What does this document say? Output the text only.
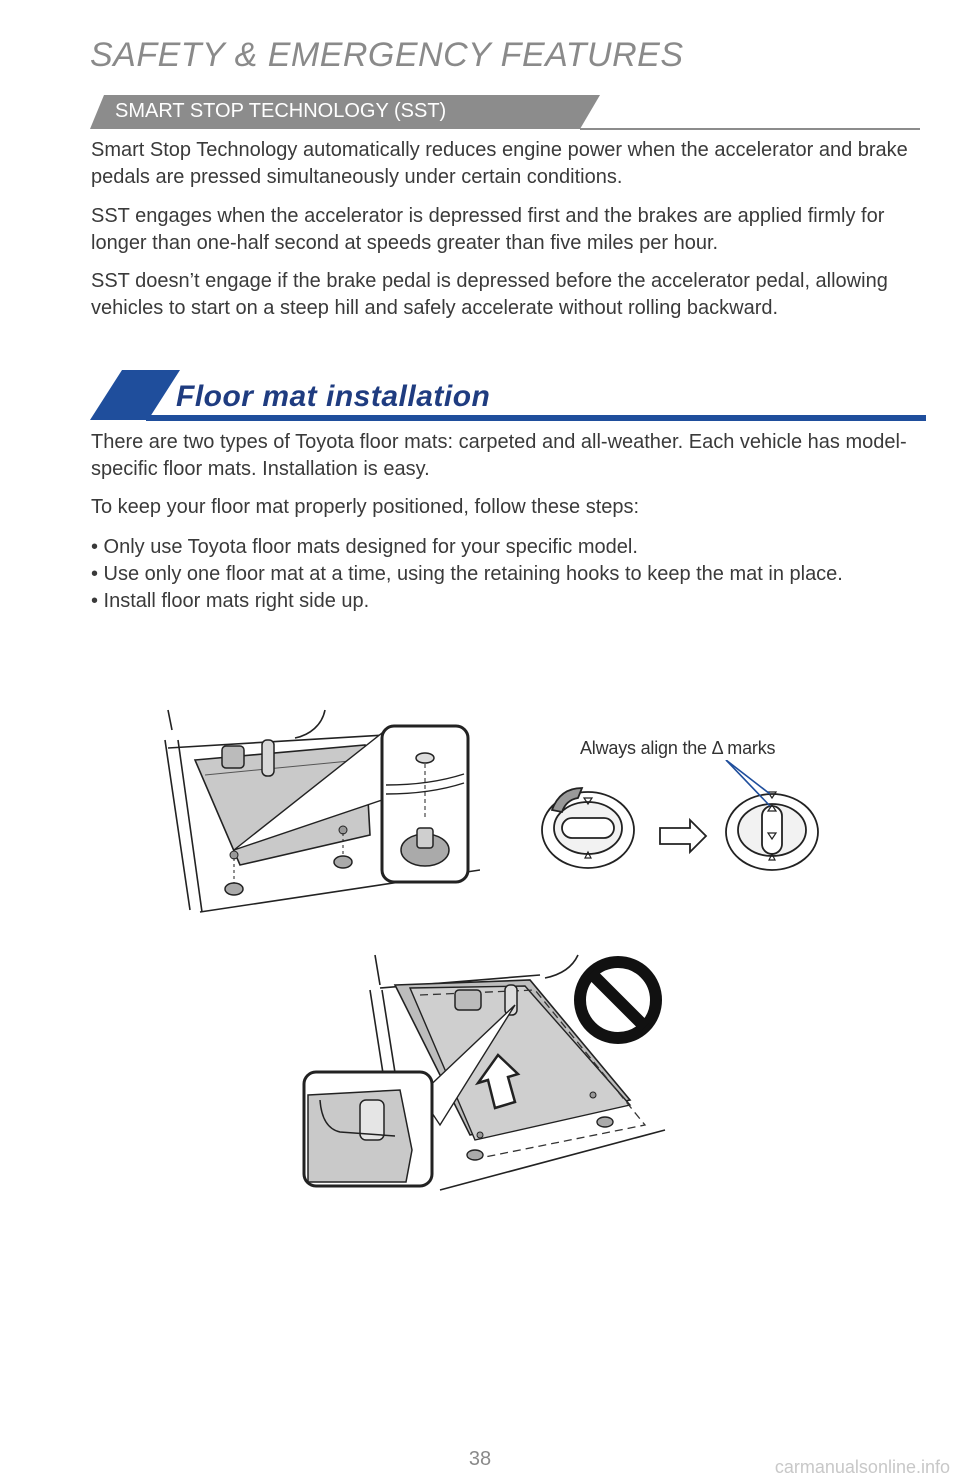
SAFETY & EMERGENCY FEATURES
SMART STOP TECHNOLOGY (SST)

Smart Stop Technology automatically reduces engine power when the accelerator and brake pedals are pressed simultaneously under certain conditions.

SST engages when the accelerator is depressed first and the brakes are applied firmly for longer than one-half second at speeds greater than five miles per hour.

SST doesn’t engage if the brake pedal is depressed before the accelerator pedal, allowing vehicles to start on a steep hill and safely accelerate without rolling backward.

Floor mat installation

There are two types of Toyota floor mats: carpeted and all-weather. Each vehicle has model-specific floor mats. Installation is easy.

To keep your floor mat properly positioned, follow these steps:

• Only use Toyota floor mats designed for your specific model.
• Use only one floor mat at a time, using the retaining hooks to keep the mat in place.
• Install floor mats right side up.
Always align the Δ marks
38	carmanualsonline.info
